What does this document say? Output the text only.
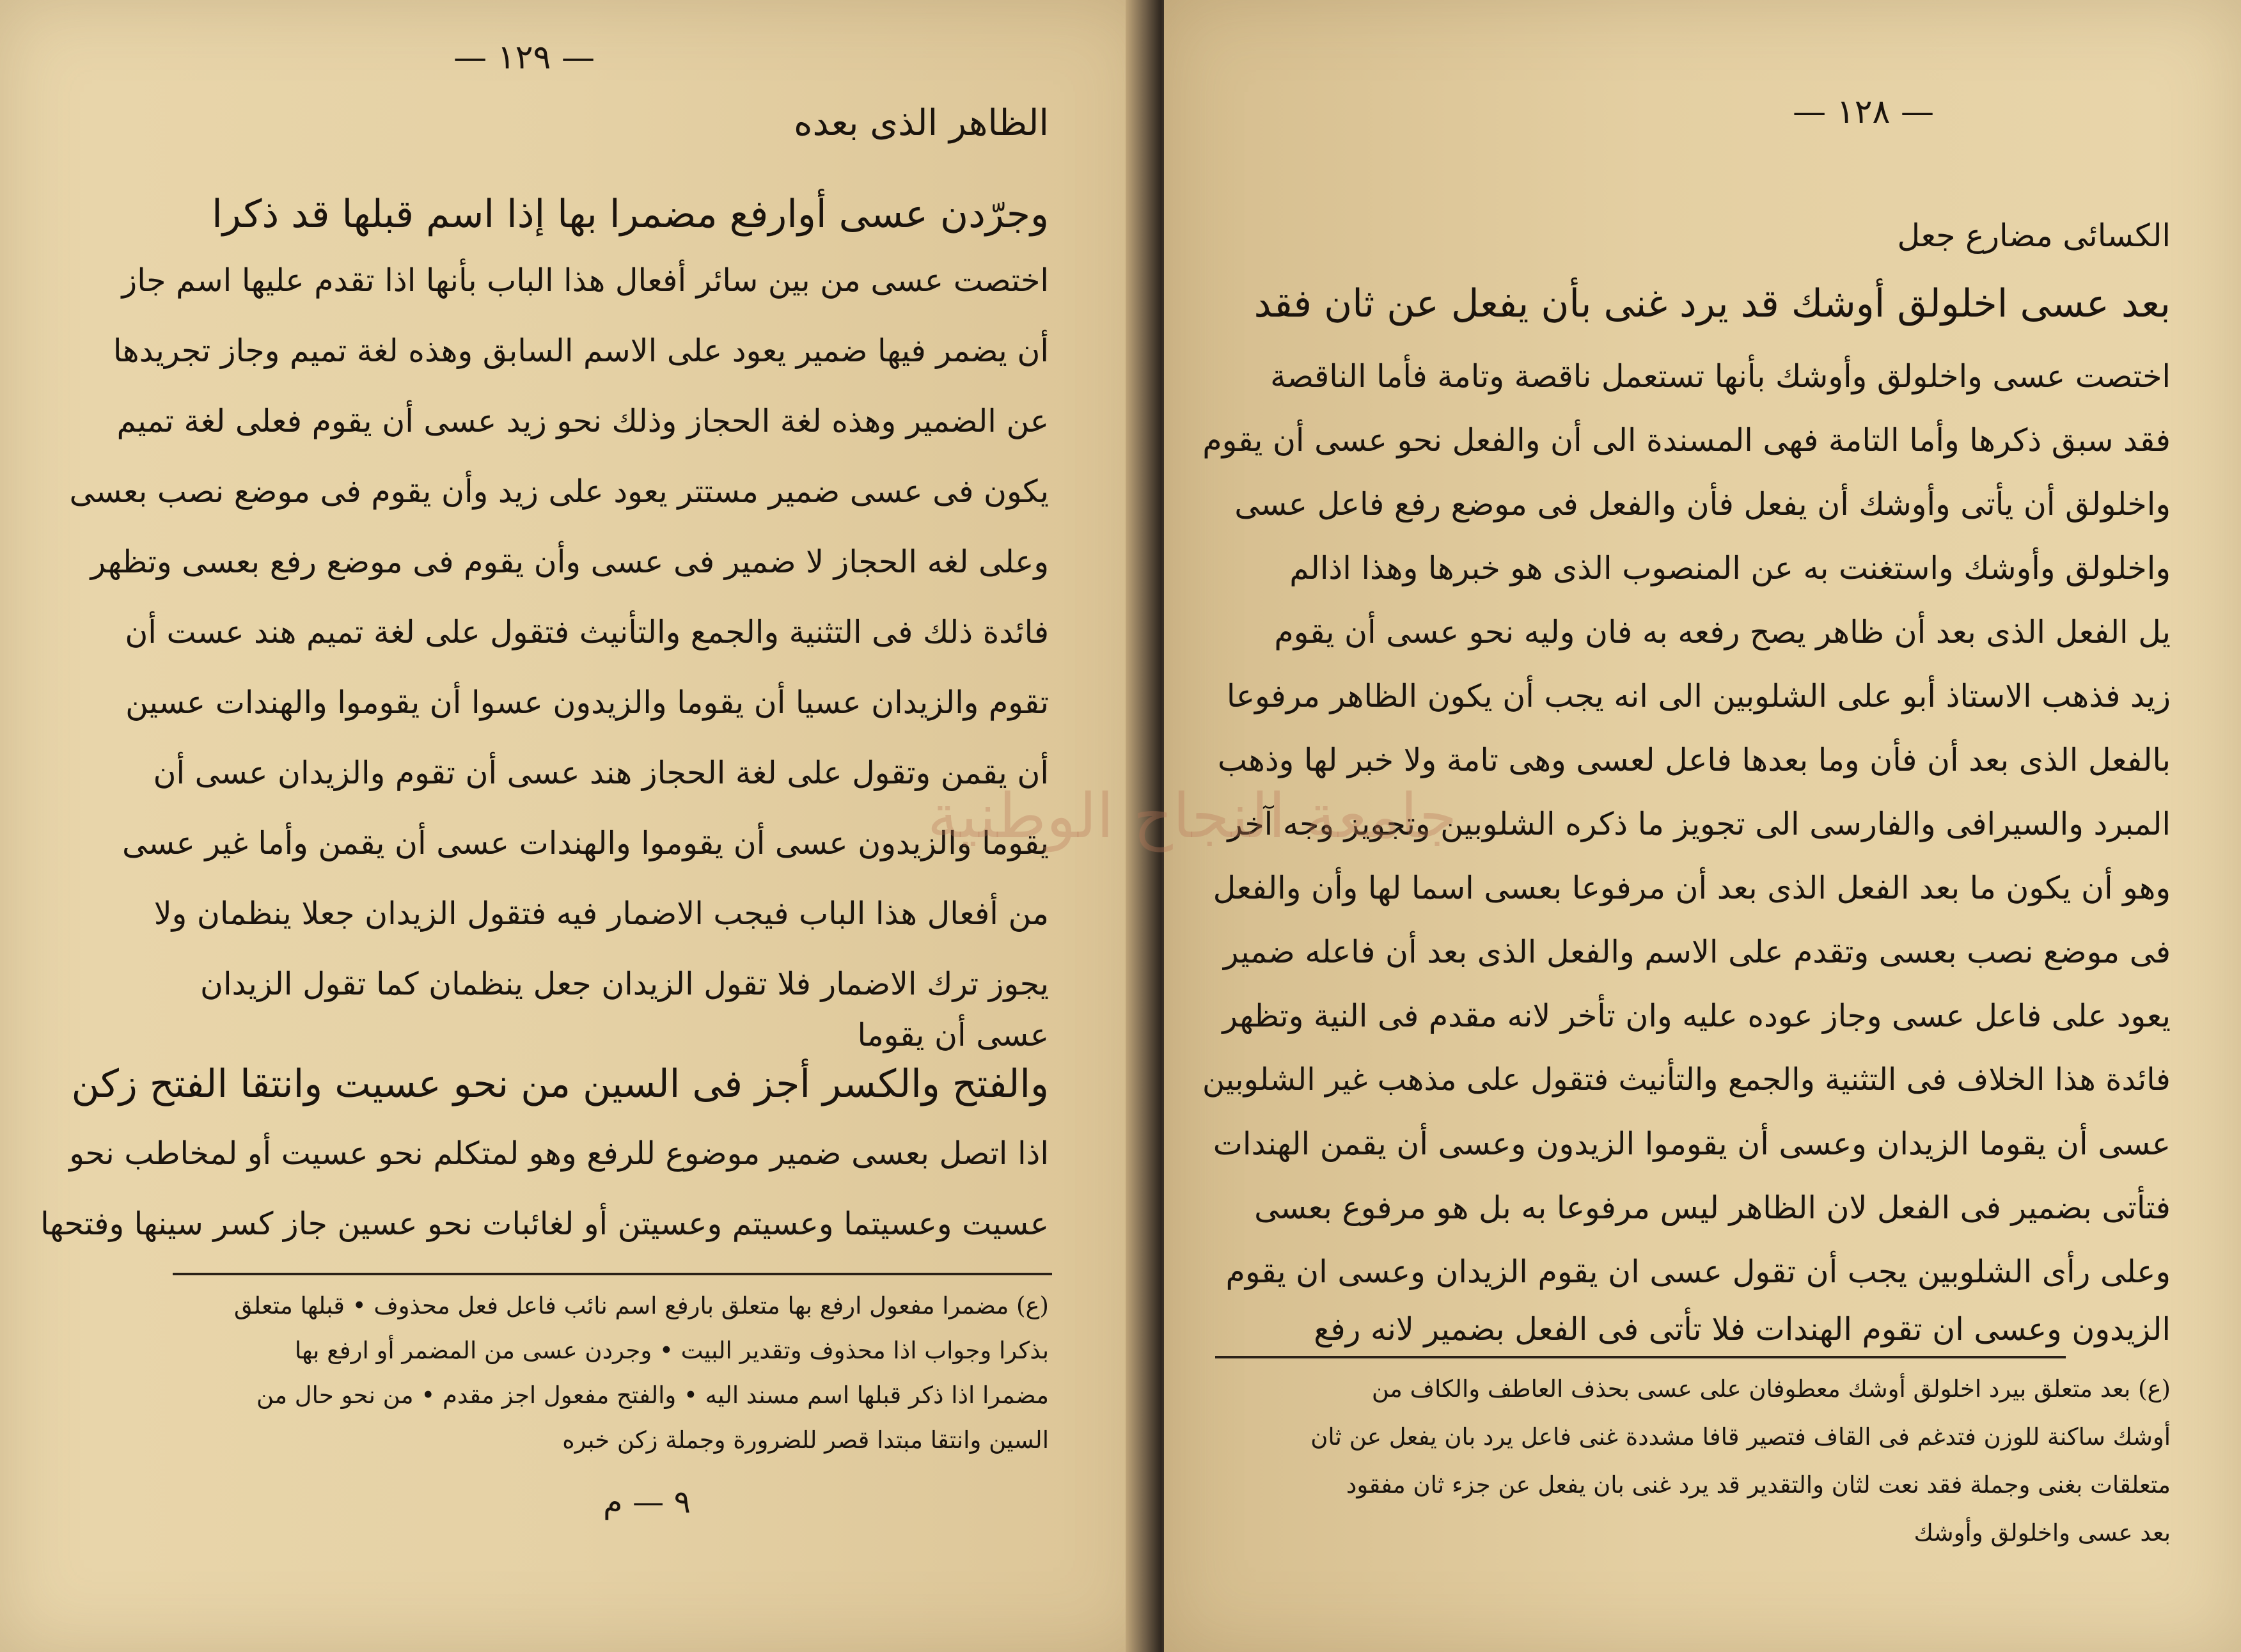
— ١٢٩ —
الظاهر الذى بعده
وجرّدن عسى أوارفع مضمرا بها إذا اسم قبلها قد ذكرا
اختصت عسى من بين سائر أفعال هذا الباب بأنها اذا تقدم عليها اسم جاز
أن يضمر فيها ضمير يعود على الاسم السابق وهذه لغة تميم وجاز تجريدها
عن الضمير وهذه لغة الحجاز وذلك نحو زيد عسى أن يقوم فعلى لغة تميم
يكون فى عسى ضمير مستتر يعود على زيد وأن يقوم فى موضع نصب بعسى
وعلى لغه الحجاز لا ضمير فى عسى وأن يقوم فى موضع رفع بعسى وتظهر
فائدة ذلك فى التثنية والجمع والتأنيث فتقول على لغة تميم هند عست أن
تقوم والزيدان عسيا أن يقوما والزيدون عسوا أن يقوموا والهندات عسين
أن يقمن وتقول على لغة الحجاز هند عسى أن تقوم والزيدان عسى أن
يقوما والزيدون عسى أن يقوموا والهندات عسى أن يقمن وأما غير عسى
من أفعال هذا الباب فيجب الاضمار فيه فتقول الزيدان جعلا ينظمان ولا
يجوز ترك الاضمار فلا تقول الزيدان جعل ينظمان كما تقول الزيدان
عسى أن يقوما
والفتح والكسر أجز فى السين من نحو عسيت وانتقا الفتح زكن
اذا اتصل بعسى ضمير موضوع للرفع وهو لمتكلم نحو عسيت أو لمخاطب نحو
عسيت وعسيتما وعسيتم وعسيتن أو لغائبات نحو عسين جاز كسر سينها وفتحها
(ع) مضمرا مفعول ارفع بها متعلق بارفع اسم نائب فاعل فعل محذوف • قبلها متعلق
بذكرا وجواب اذا محذوف وتقدير البيت • وجردن عسى من المضمر أو ارفع بها
مضمرا اذا ذكر قبلها اسم مسند اليه • والفتح مفعول اجز مقدم • من نحو حال من
السين وانتقا مبتدا قصر للضرورة وجملة زكن خبره
٩ — م
— ١٢٨ —
الكسائى مضارع جعل
بعد عسى اخلولق أوشك قد يرد غنى بأن يفعل عن ثان فقد
اختصت عسى واخلولق وأوشك بأنها تستعمل ناقصة وتامة فأما الناقصة
فقد سبق ذكرها وأما التامة فهى المسندة الى أن والفعل نحو عسى أن يقوم
واخلولق أن يأتى وأوشك أن يفعل فأن والفعل فى موضع رفع فاعل عسى
واخلولق وأوشك واستغنت به عن المنصوب الذى هو خبرها وهذا اذالم
يل الفعل الذى بعد أن ظاهر يصح رفعه به فان وليه نحو عسى أن يقوم
زيد فذهب الاستاذ أبو على الشلوبين الى انه يجب أن يكون الظاهر مرفوعا
بالفعل الذى بعد أن فأن وما بعدها فاعل لعسى وهى تامة ولا خبر لها وذهب
المبرد والسيرافى والفارسى الى تجويز ما ذكره الشلوبين وتجويز وجه آخر
وهو أن يكون ما بعد الفعل الذى بعد أن مرفوعا بعسى اسما لها وأن والفعل
فى موضع نصب بعسى وتقدم على الاسم والفعل الذى بعد أن فاعله ضمير
يعود على فاعل عسى وجاز عوده عليه وان تأخر لانه مقدم فى النية وتظهر
فائدة هذا الخلاف فى التثنية والجمع والتأنيث فتقول على مذهب غير الشلوبين
عسى أن يقوما الزيدان وعسى أن يقوموا الزيدون وعسى أن يقمن الهندات
فتأتى بضمير فى الفعل لان الظاهر ليس مرفوعا به بل هو مرفوع بعسى
وعلى رأى الشلوبين يجب أن تقول عسى ان يقوم الزيدان وعسى ان يقوم
الزيدون وعسى ان تقوم الهندات فلا تأتى فى الفعل بضمير لانه رفع
(ع) بعد متعلق بيرد اخلولق أوشك معطوفان على عسى بحذف العاطف والكاف من
أوشك ساكنة للوزن فتدغم فى القاف فتصير قافا مشددة غنى فاعل يرد بان يفعل عن ثان
متعلقات بغنى وجملة فقد نعت لثان والتقدير قد يرد غنى بان يفعل عن جزء ثان مفقود
بعد عسى واخلولق وأوشك
جامعة النجاح الوطنية
